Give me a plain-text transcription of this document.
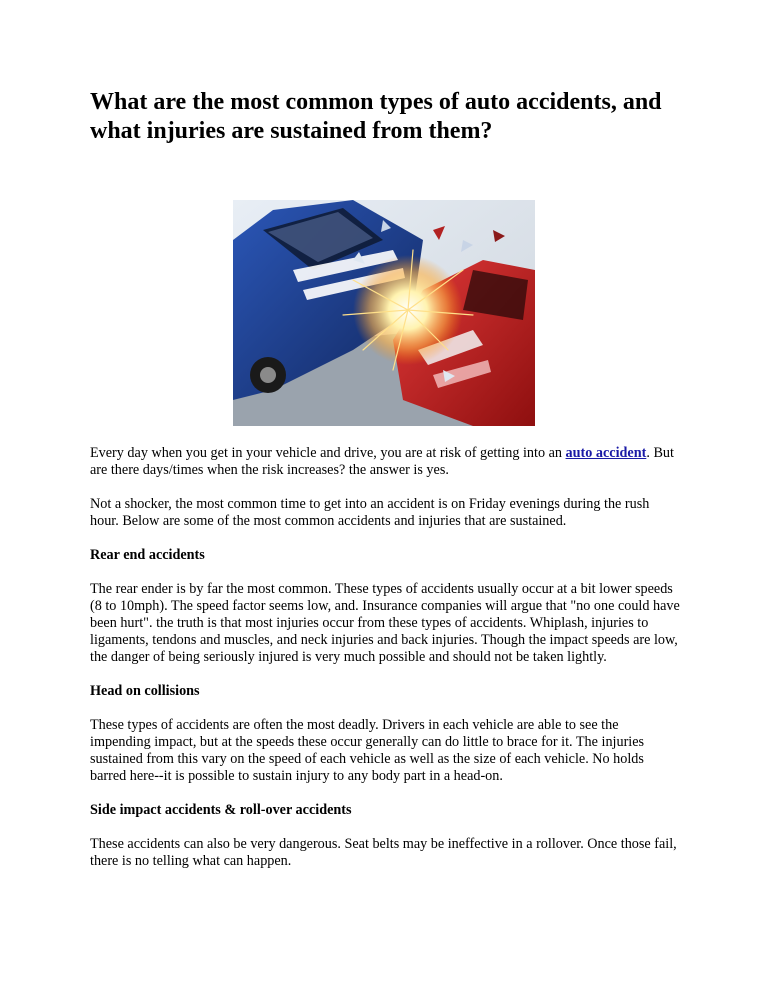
What are the most common types of auto accidents, and what injuries are sustained from them?

Every day when you get in your vehicle and drive, you are at risk of getting into an auto accident. But are there days/times when the risk increases? the answer is yes.

Not a shocker, the most common time to get into an accident is on Friday evenings during the rush hour. Below are some of the most common accidents and injuries that are sustained.

Rear end accidents

The rear ender is by far the most common. These types of accidents usually occur at a bit lower speeds (8 to 10mph). The speed factor seems low, and. Insurance companies will argue that "no one could have been hurt". the truth is that most injuries occur from these types of accidents. Whiplash, injuries to ligaments, tendons and muscles, and neck injuries and back injuries. Though the impact speeds are low, the danger of being seriously injured is very much possible and should not be taken lightly.

Head on collisions

These types of accidents are often the most deadly. Drivers in each vehicle are able to see the impending impact, but at the speeds these occur generally can do little to brace for it. The injuries sustained from this vary on the speed of each vehicle as well as the size of each vehicle. No holds barred here--it is possible to sustain injury to any body part in a head-on.

Side impact accidents & roll-over accidents

These accidents can also be very dangerous. Seat belts may be ineffective in a rollover. Once those fail, there is no telling what can happen.
